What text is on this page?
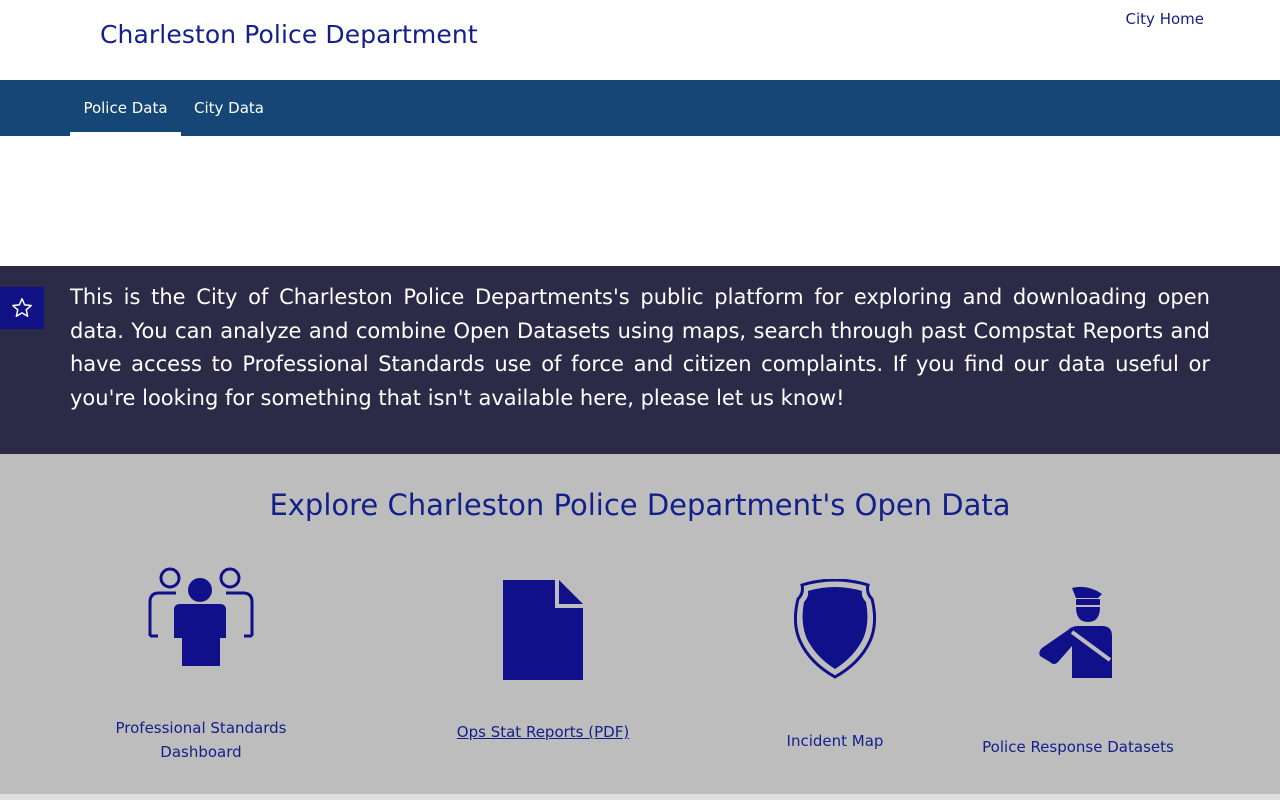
Charleston Police Department
City Home
Police Data	City Data

This is the City of Charleston Police Departments's public platform for exploring and downloading open data. You can analyze and combine Open Datasets using maps, search through past Compstat Reports and have access to Professional Standards use of force and citizen complaints. If you find our data useful or you're looking for something that isn't available here, please let us know!

Explore Charleston Police Department's Open Data
Professional Standards Dashboard
Ops Stat Reports (PDF)	Incident Map	Police Response Datasets
